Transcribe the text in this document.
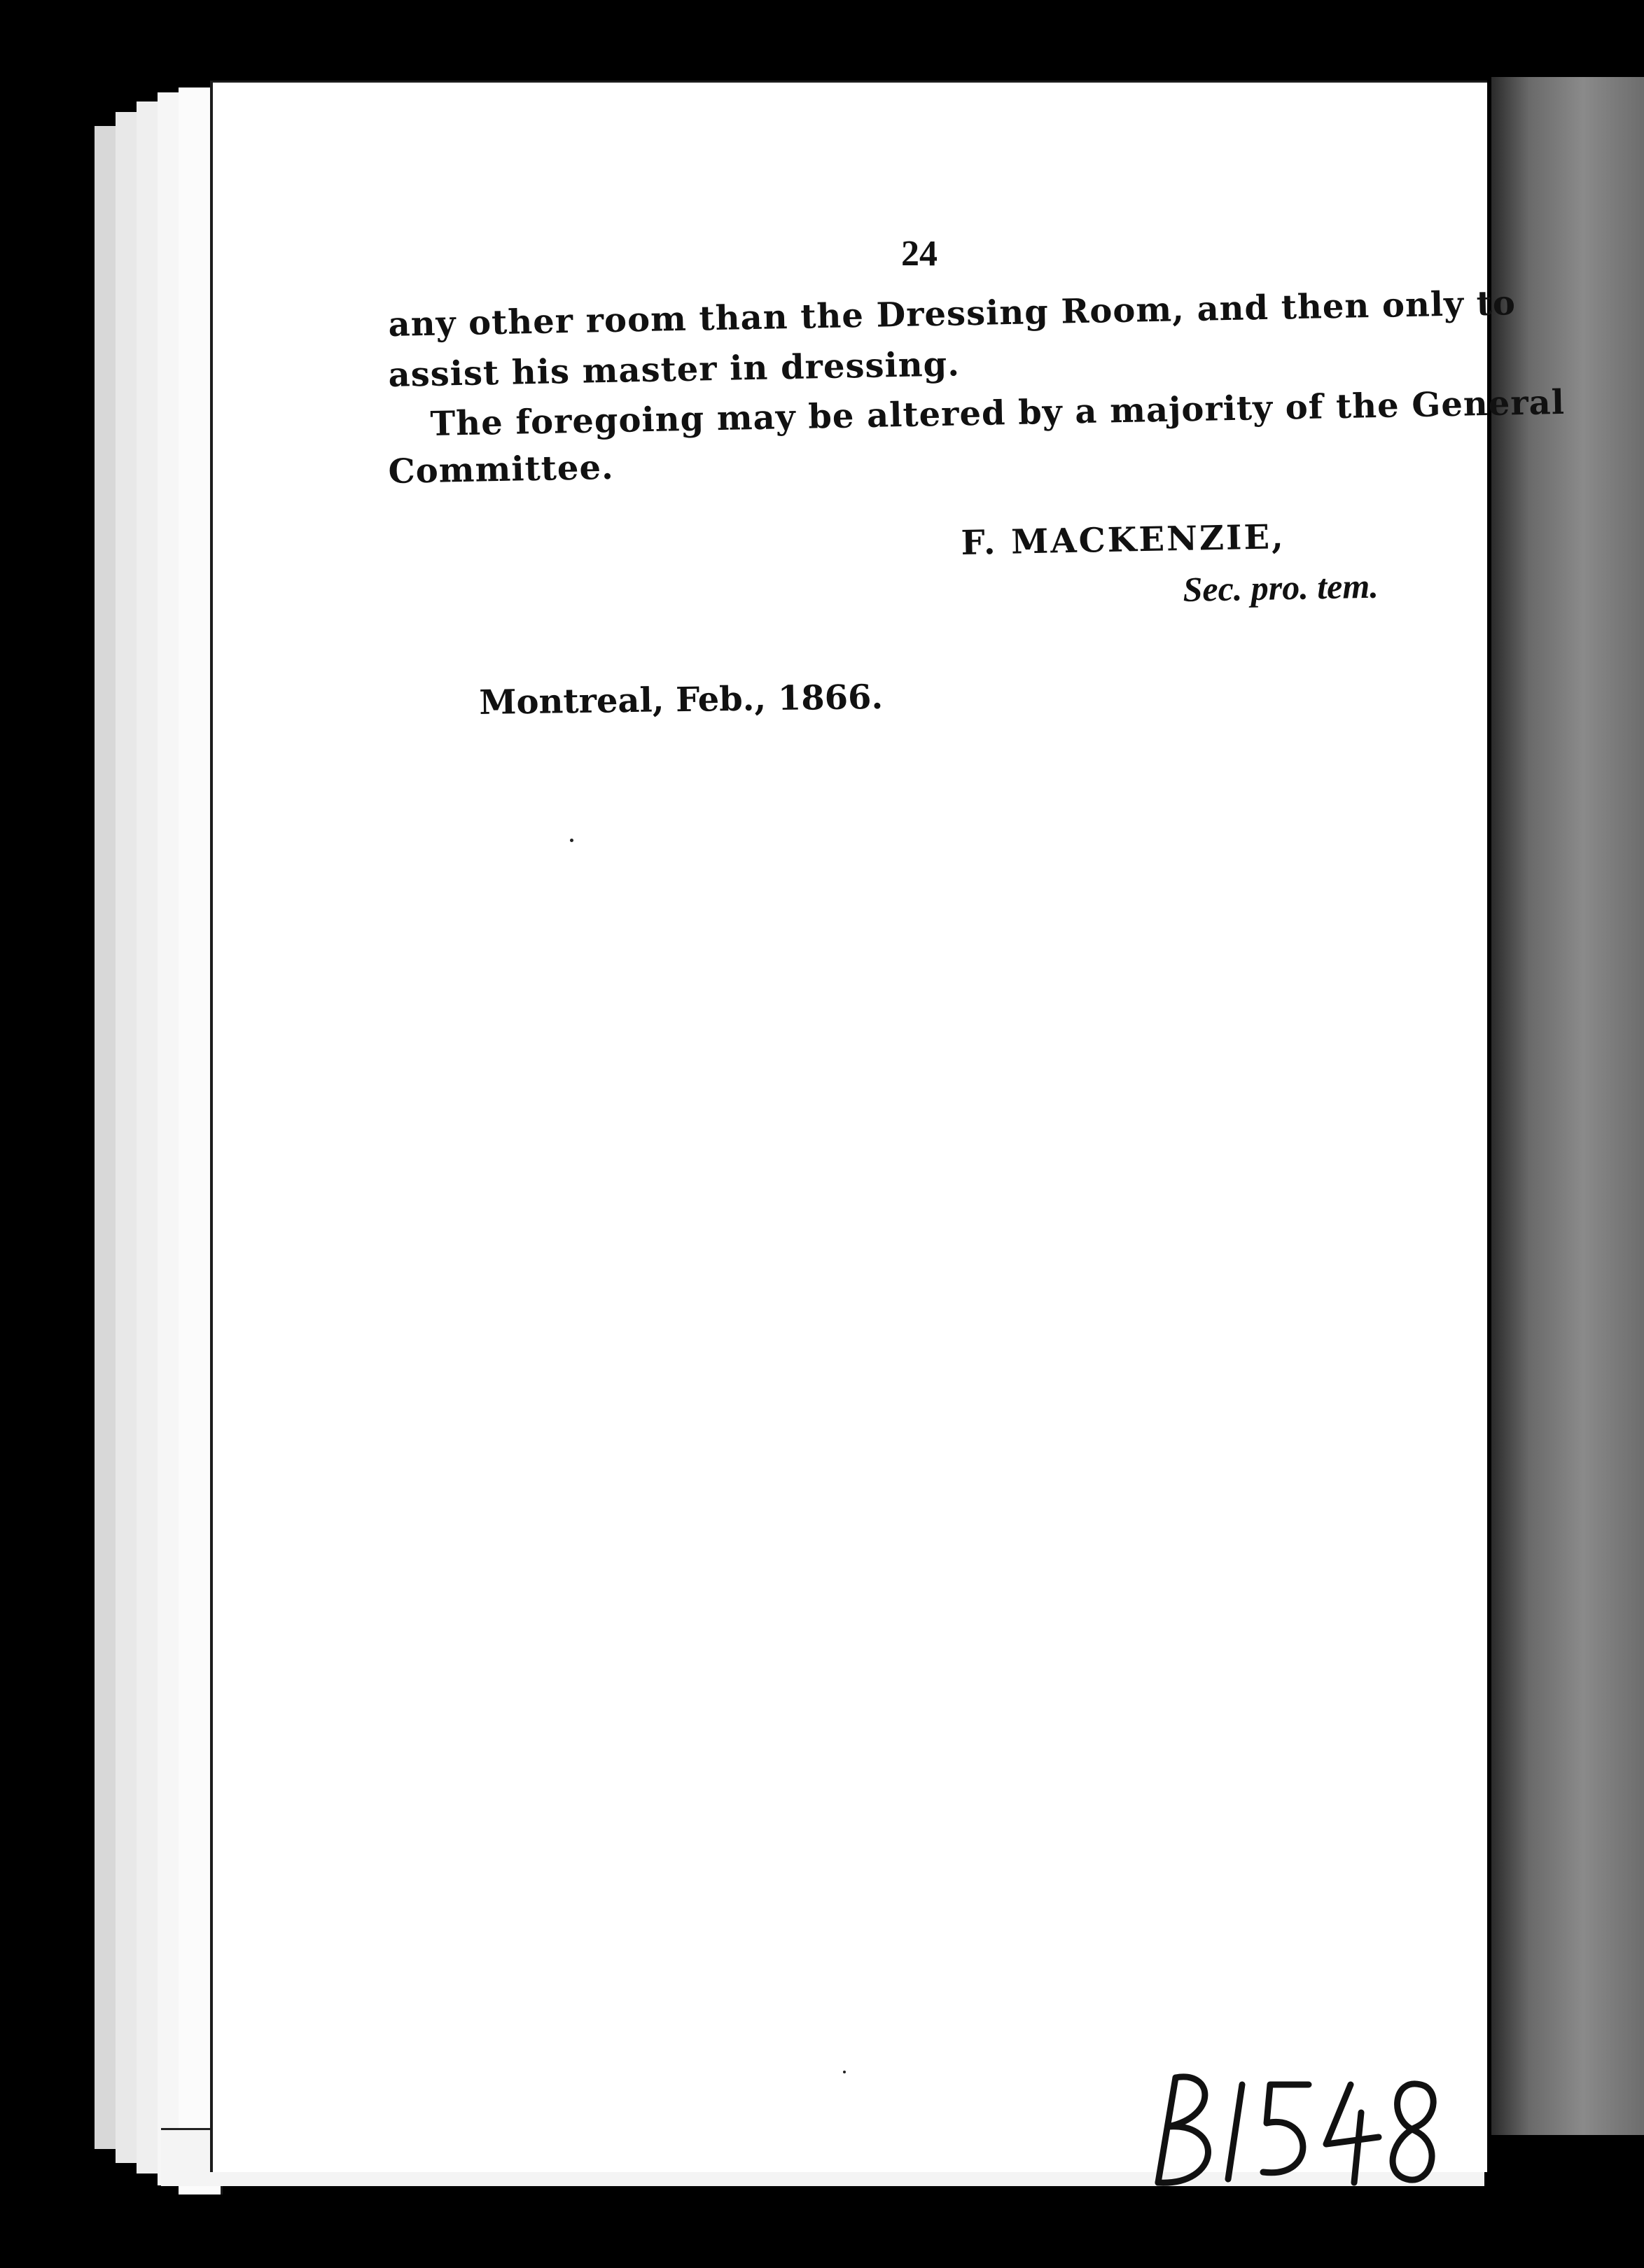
24
any other room than the Dressing Room, and then only to
assist his master in dressing.
The foregoing may be altered by a majority of the General
Committee.
F. MACKENZIE,
Sec. pro. tem.
Montreal, Feb., 1866.
